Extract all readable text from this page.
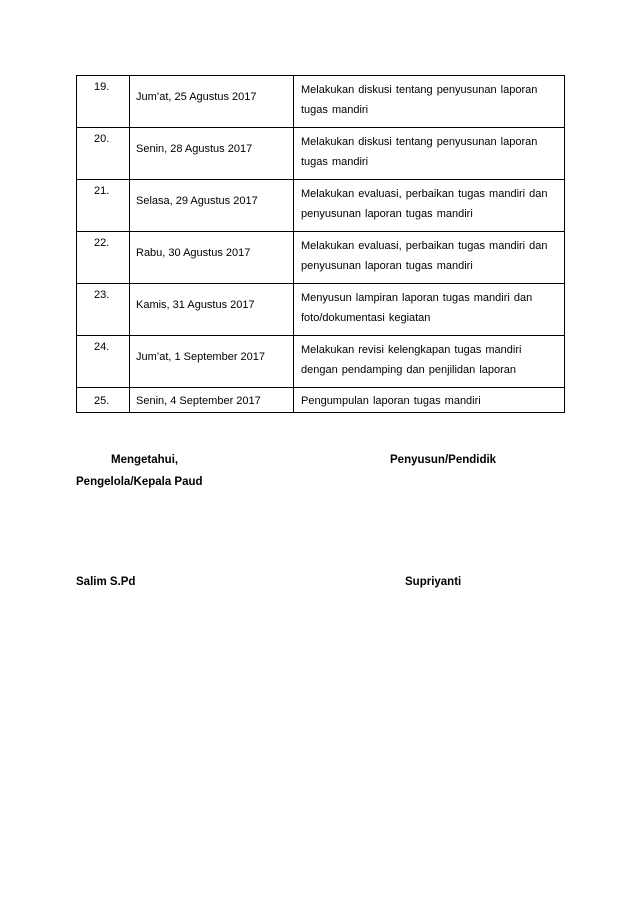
19.	Jum’at, 25 Agustus 2017	Melakukan diskusi tentang penyusunan laporan tugas mandiri

20.	Senin, 28 Agustus 2017	Melakukan diskusi tentang penyusunan laporan tugas mandiri

21.	Selasa, 29 Agustus 2017	Melakukan evaluasi, perbaikan tugas mandiri dan penyusunan laporan tugas mandiri

22.	Rabu, 30 Agustus 2017	Melakukan evaluasi, perbaikan tugas mandiri dan penyusunan laporan tugas mandiri

23.	Kamis, 31 Agustus 2017	Menyusun lampiran laporan tugas mandiri dan foto/dokumentasi kegiatan

24.	Jum’at, 1 September 2017	Melakukan revisi kelengkapan tugas mandiri dengan pendamping dan penjilidan laporan

25.	Senin, 4 September 2017	Pengumpulan laporan tugas mandiri
Mengetahui,	Penyusun/Pendidik
Pengelola/Kepala Paud
Salim S.Pd	Supriyanti
